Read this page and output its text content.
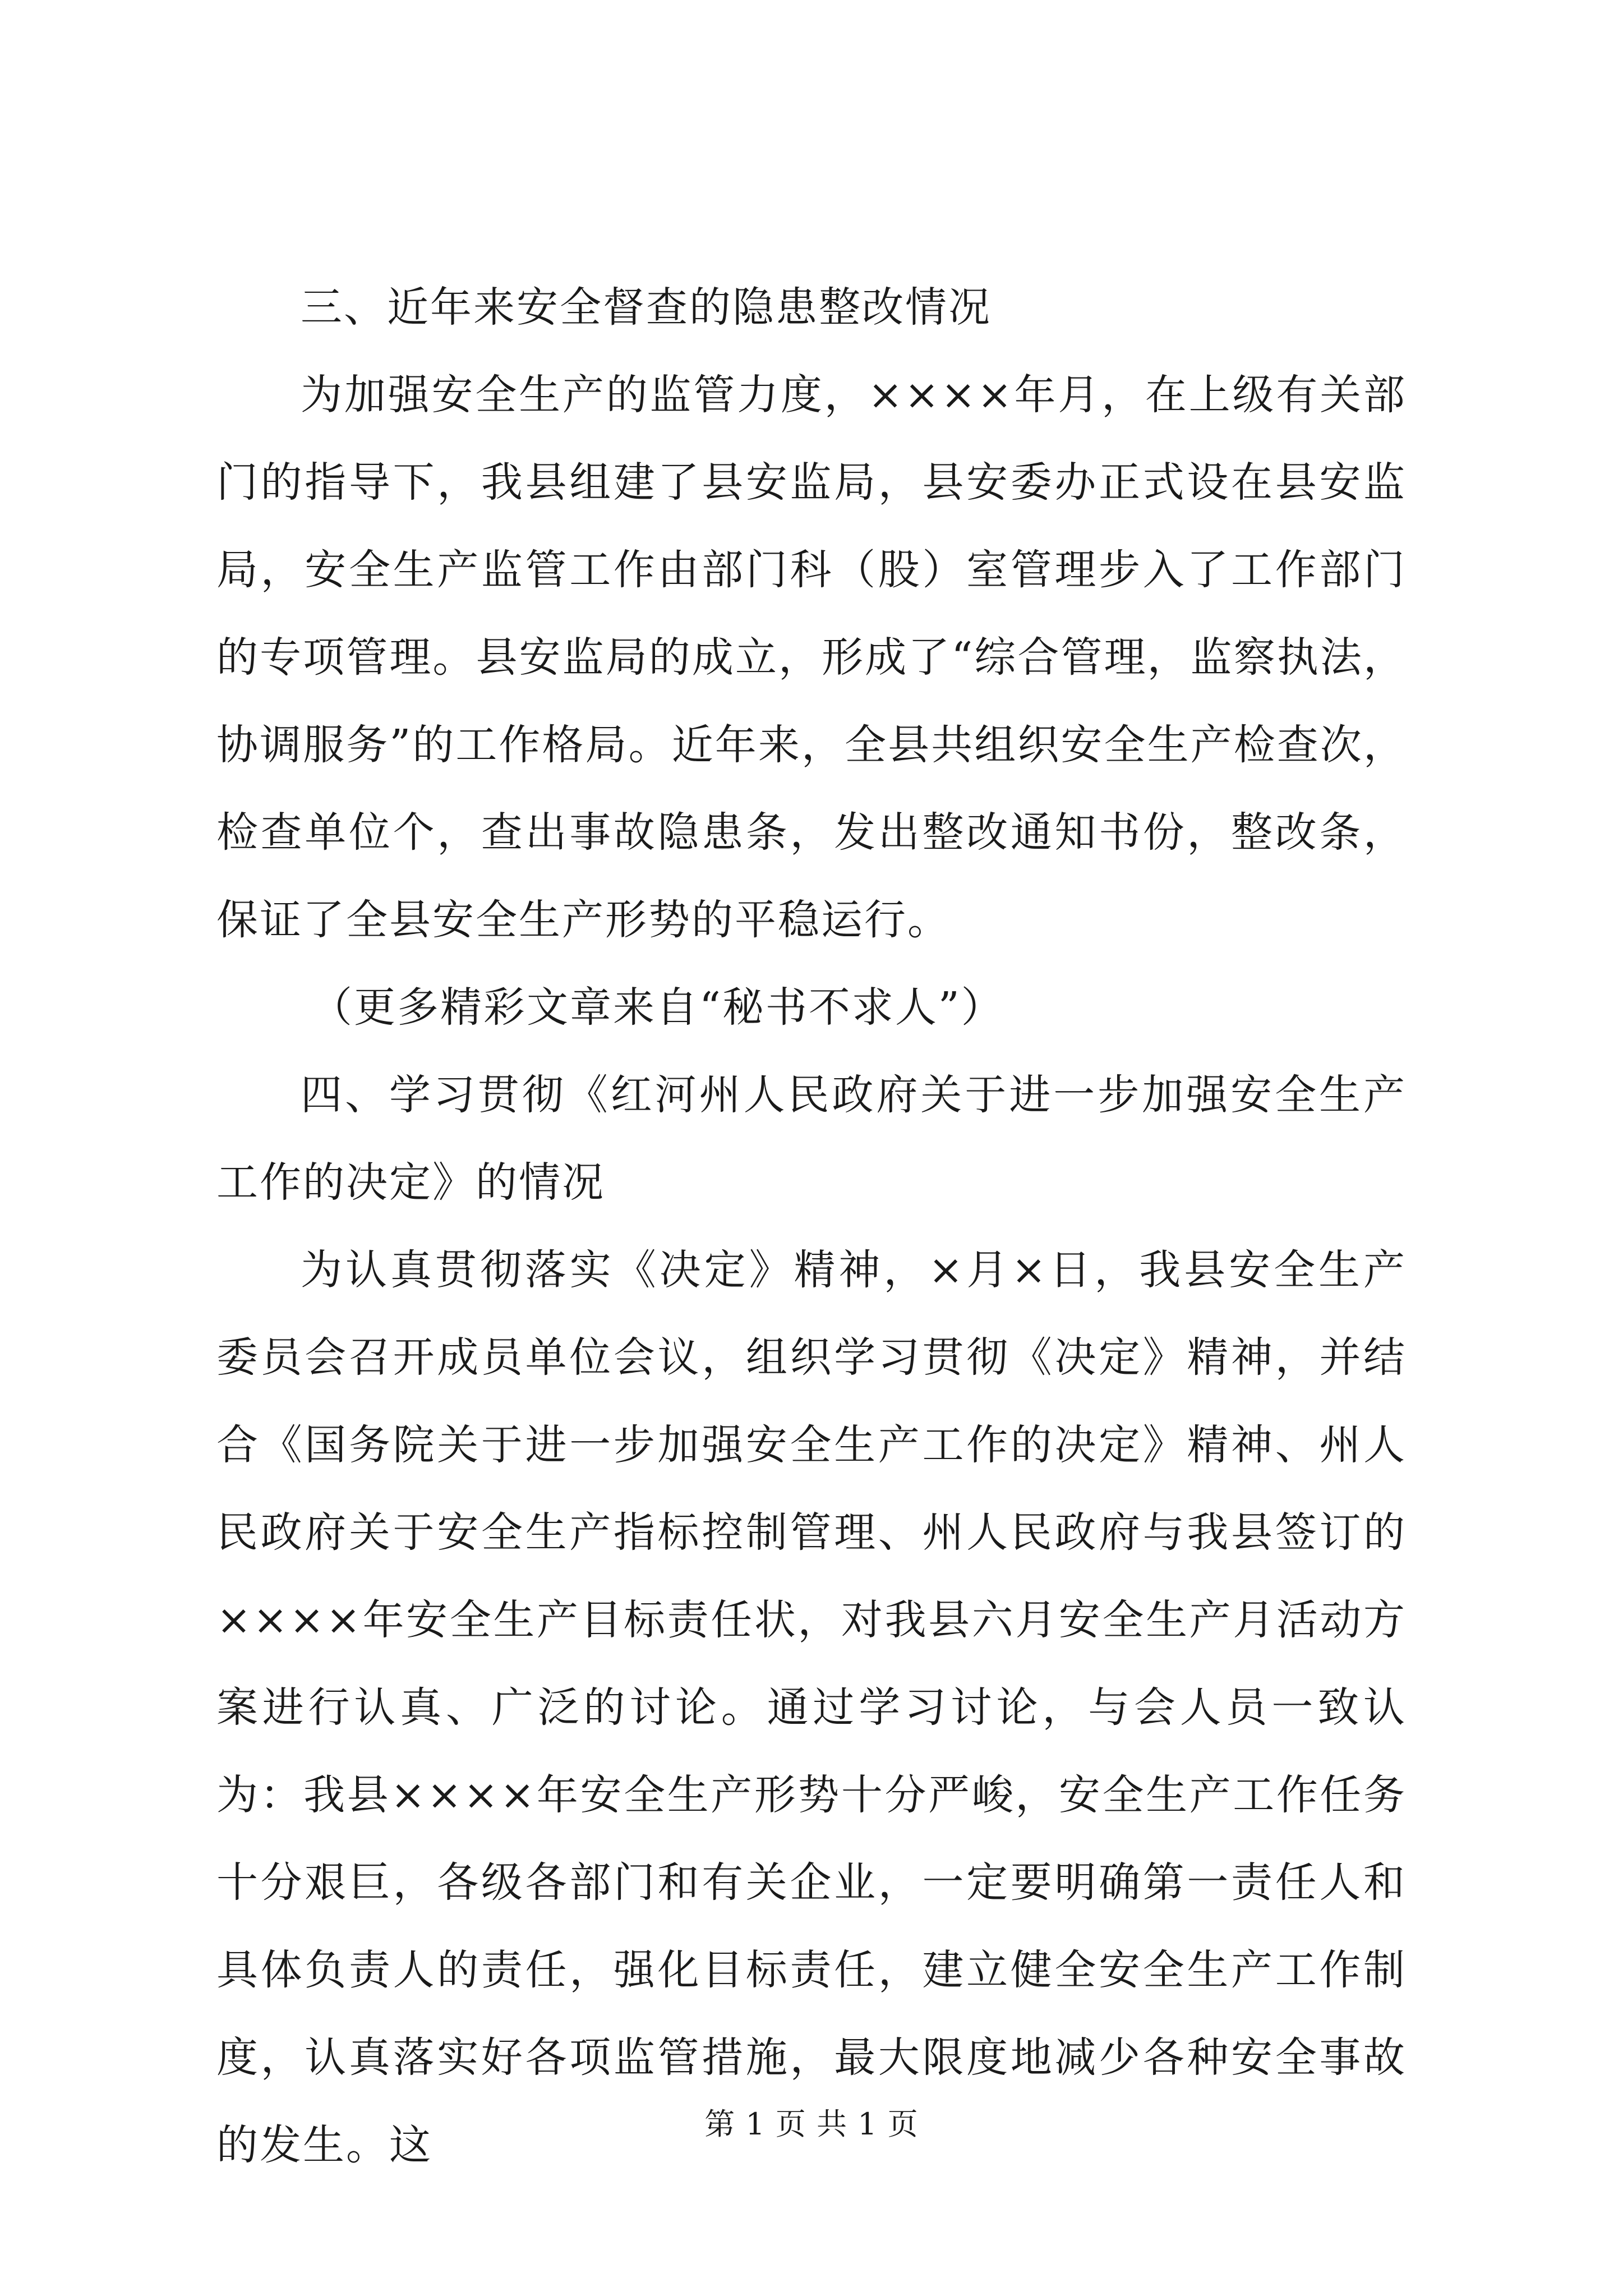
三、近年来安全督查的隐患整改情况

为加强安全生产的监管力度，××××年月，在上级有关部门的指导下，我县组建了县安监局，县安委办正式设在县安监局，安全生产监管工作由部门科（股）室管理步入了工作部门的专项管理。县安监局的成立，形成了“综合管理，监察执法，协调服务”的工作格局。近年来，全县共组织安全生产检查次，检查单位个，查出事故隐患条，发出整改通知书份，整改条，保证了全县安全生产形势的平稳运行。

（更多精彩文章来自“秘书不求人”）

四、学习贯彻《红河州人民政府关于进一步加强安全生产工作的决定》的情况

为认真贯彻落实《决定》精神，×月×日，我县安全生产委员会召开成员单位会议，组织学习贯彻《决定》精神，并结合《国务院关于进一步加强安全生产工作的决定》精神、州人民政府关于安全生产指标控制管理、州人民政府与我县签订的××××年安全生产目标责任状，对我县六月安全生产月活动方案进行认真、广泛的讨论。通过学习讨论，与会人员一致认为：我县××××年安全生产形势十分严峻，安全生产工作任务十分艰巨，各级各部门和有关企业，一定要明确第一责任人和具体负责人的责任，强化目标责任，建立健全安全生产工作制度，认真落实好各项监管措施，最大限度地减少各种安全事故的发生。这	第 1 页 共 1 页
